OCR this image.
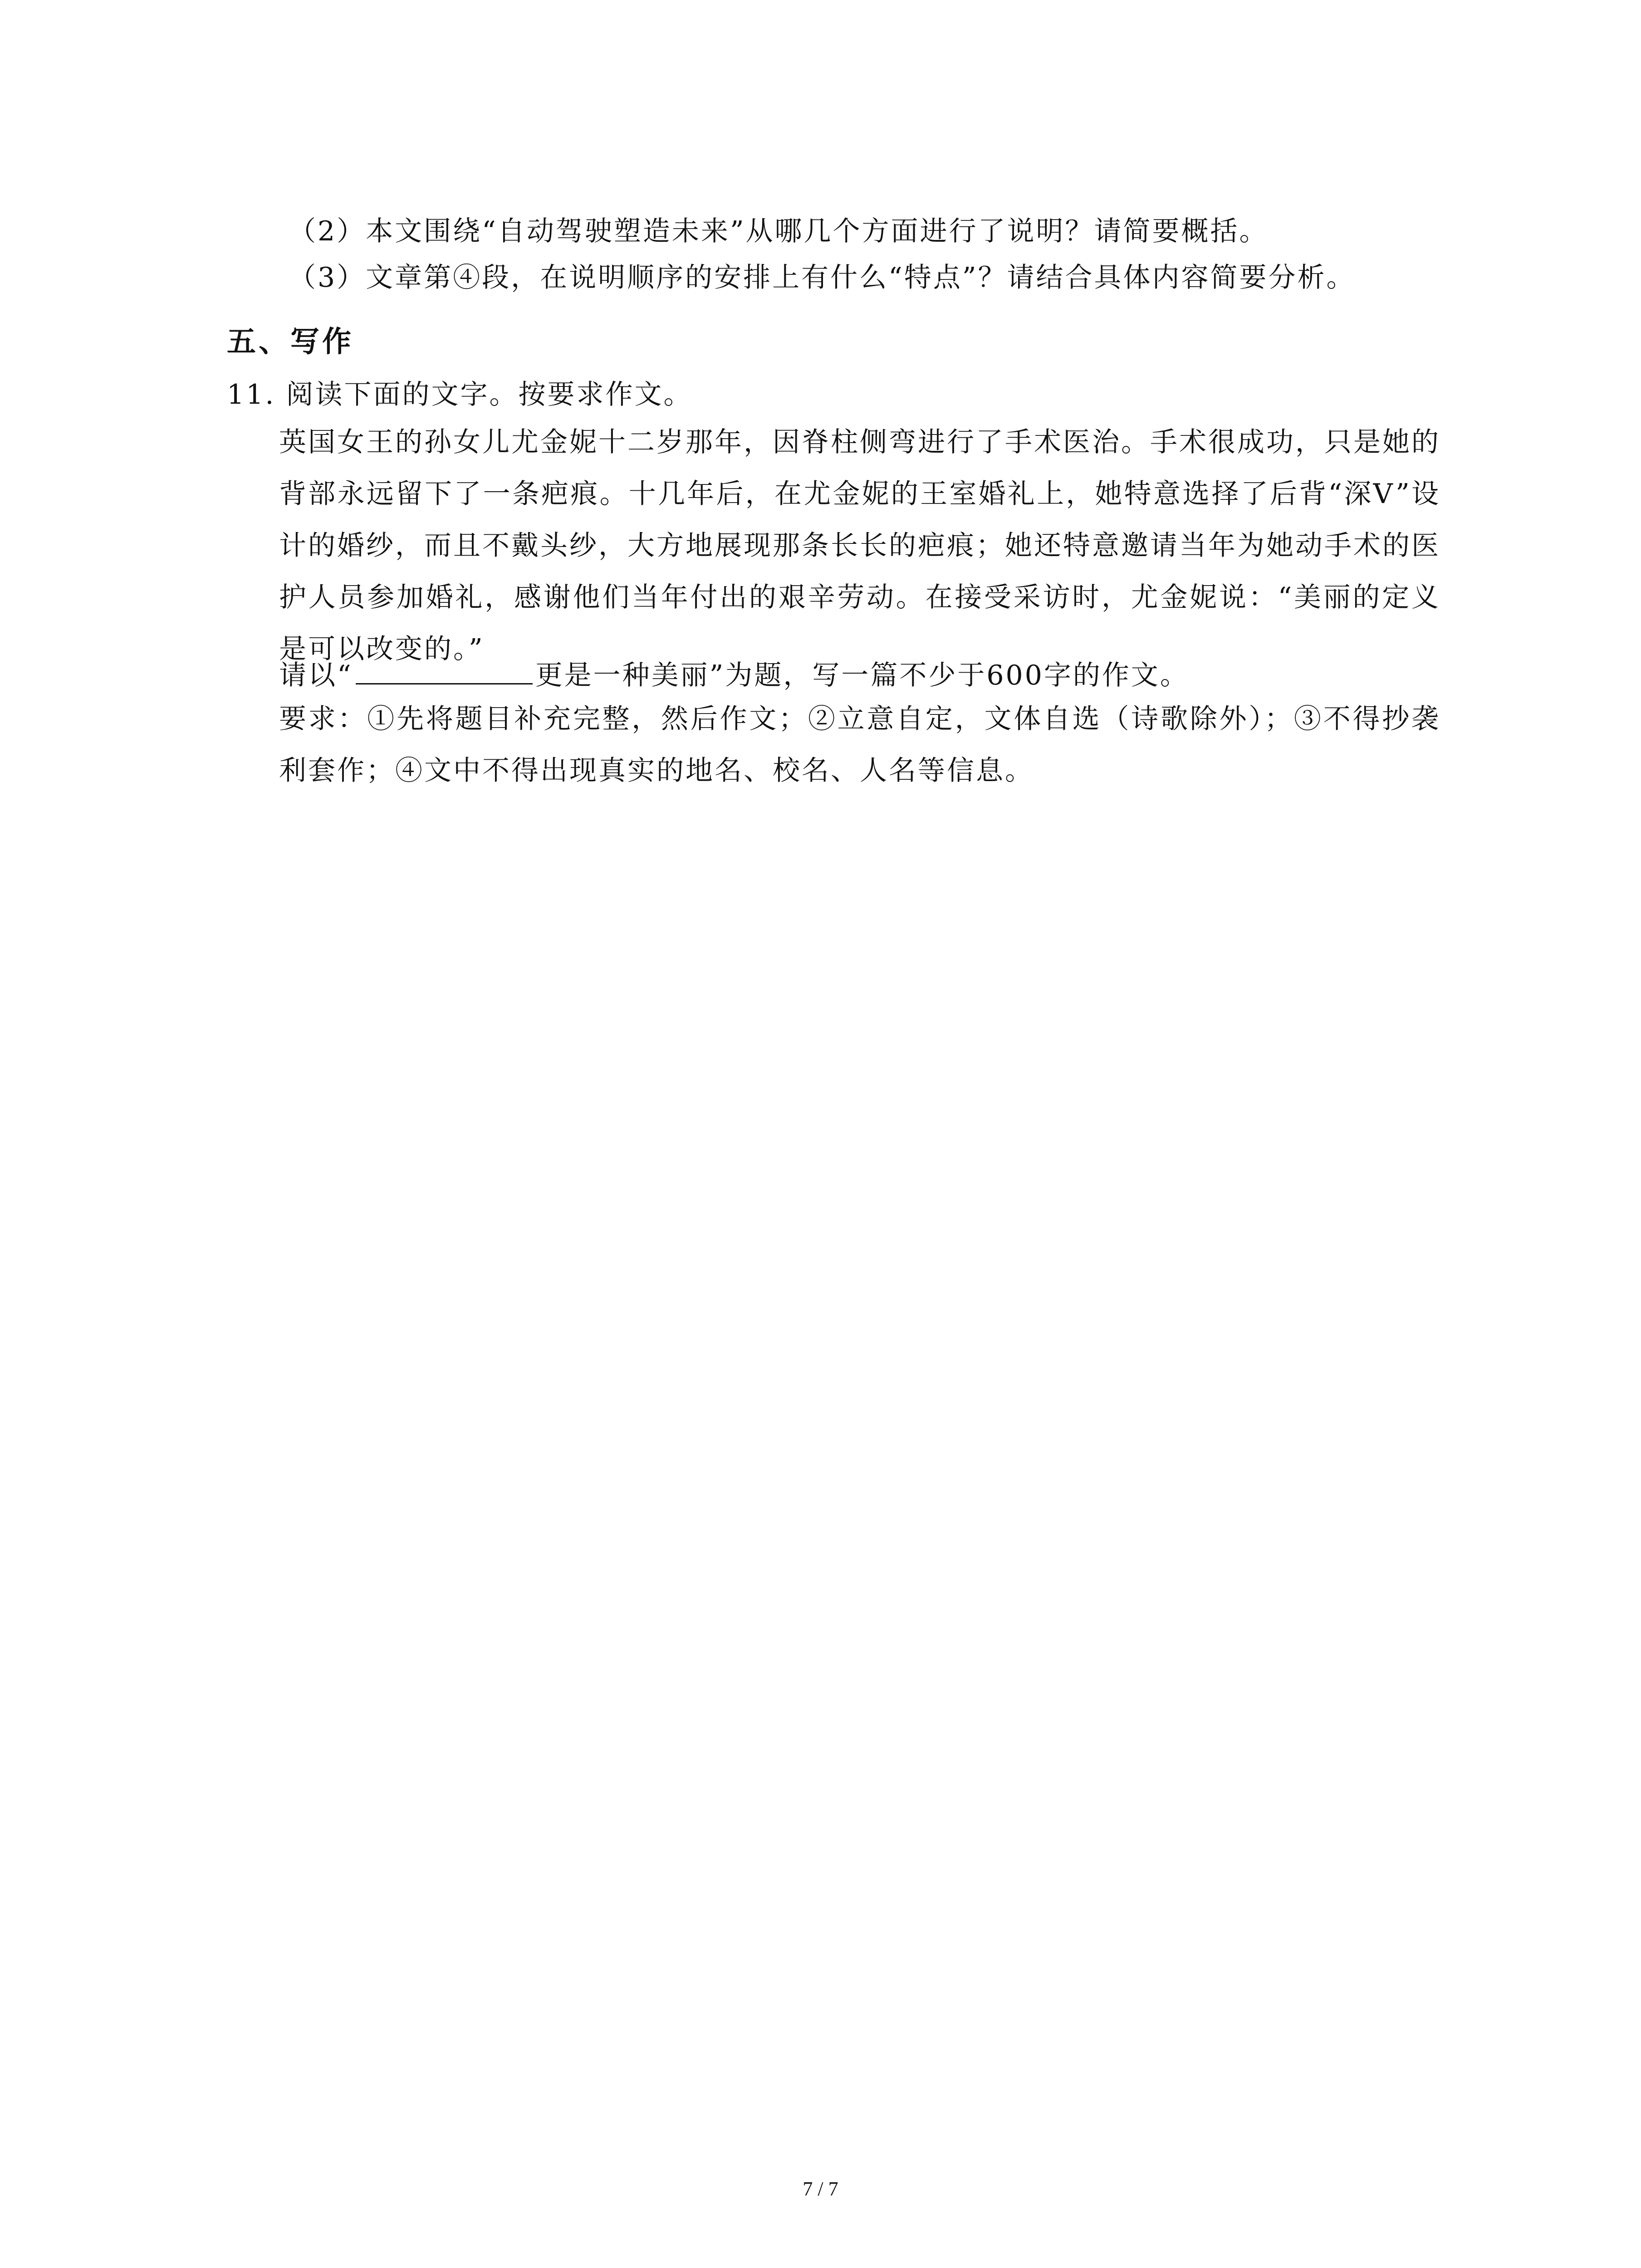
（2）本文围绕“自动驾驶塑造未来”从哪几个方面进行了说明？请简要概括。
（3）文章第④段，在说明顺序的安排上有什么“特点”？请结合具体内容简要分析。
五、写作
11. 阅读下面的文字。按要求作文。
英国女王的孙女儿尤金妮十二岁那年，因脊柱侧弯进行了手术医治。手术很成功，只是她的背部永远留下了一条疤痕。十几年后，在尤金妮的王室婚礼上，她特意选择了后背“深V”设计的婚纱，而且不戴头纱，大方地展现那条长长的疤痕；她还特意邀请当年为她动手术的医护人员参加婚礼，感谢他们当年付出的艰辛劳动。在接受采访时，尤金妮说：“美丽的定义是可以改变的。”
请以“	更是一种美丽”为题，写一篇不少于600字的作文。
要求：①先将题目补充完整，然后作文；②立意自定，文体自选（诗歌除外）；③不得抄袭利套作；④文中不得出现真实的地名、校名、人名等信息。
7 / 7
